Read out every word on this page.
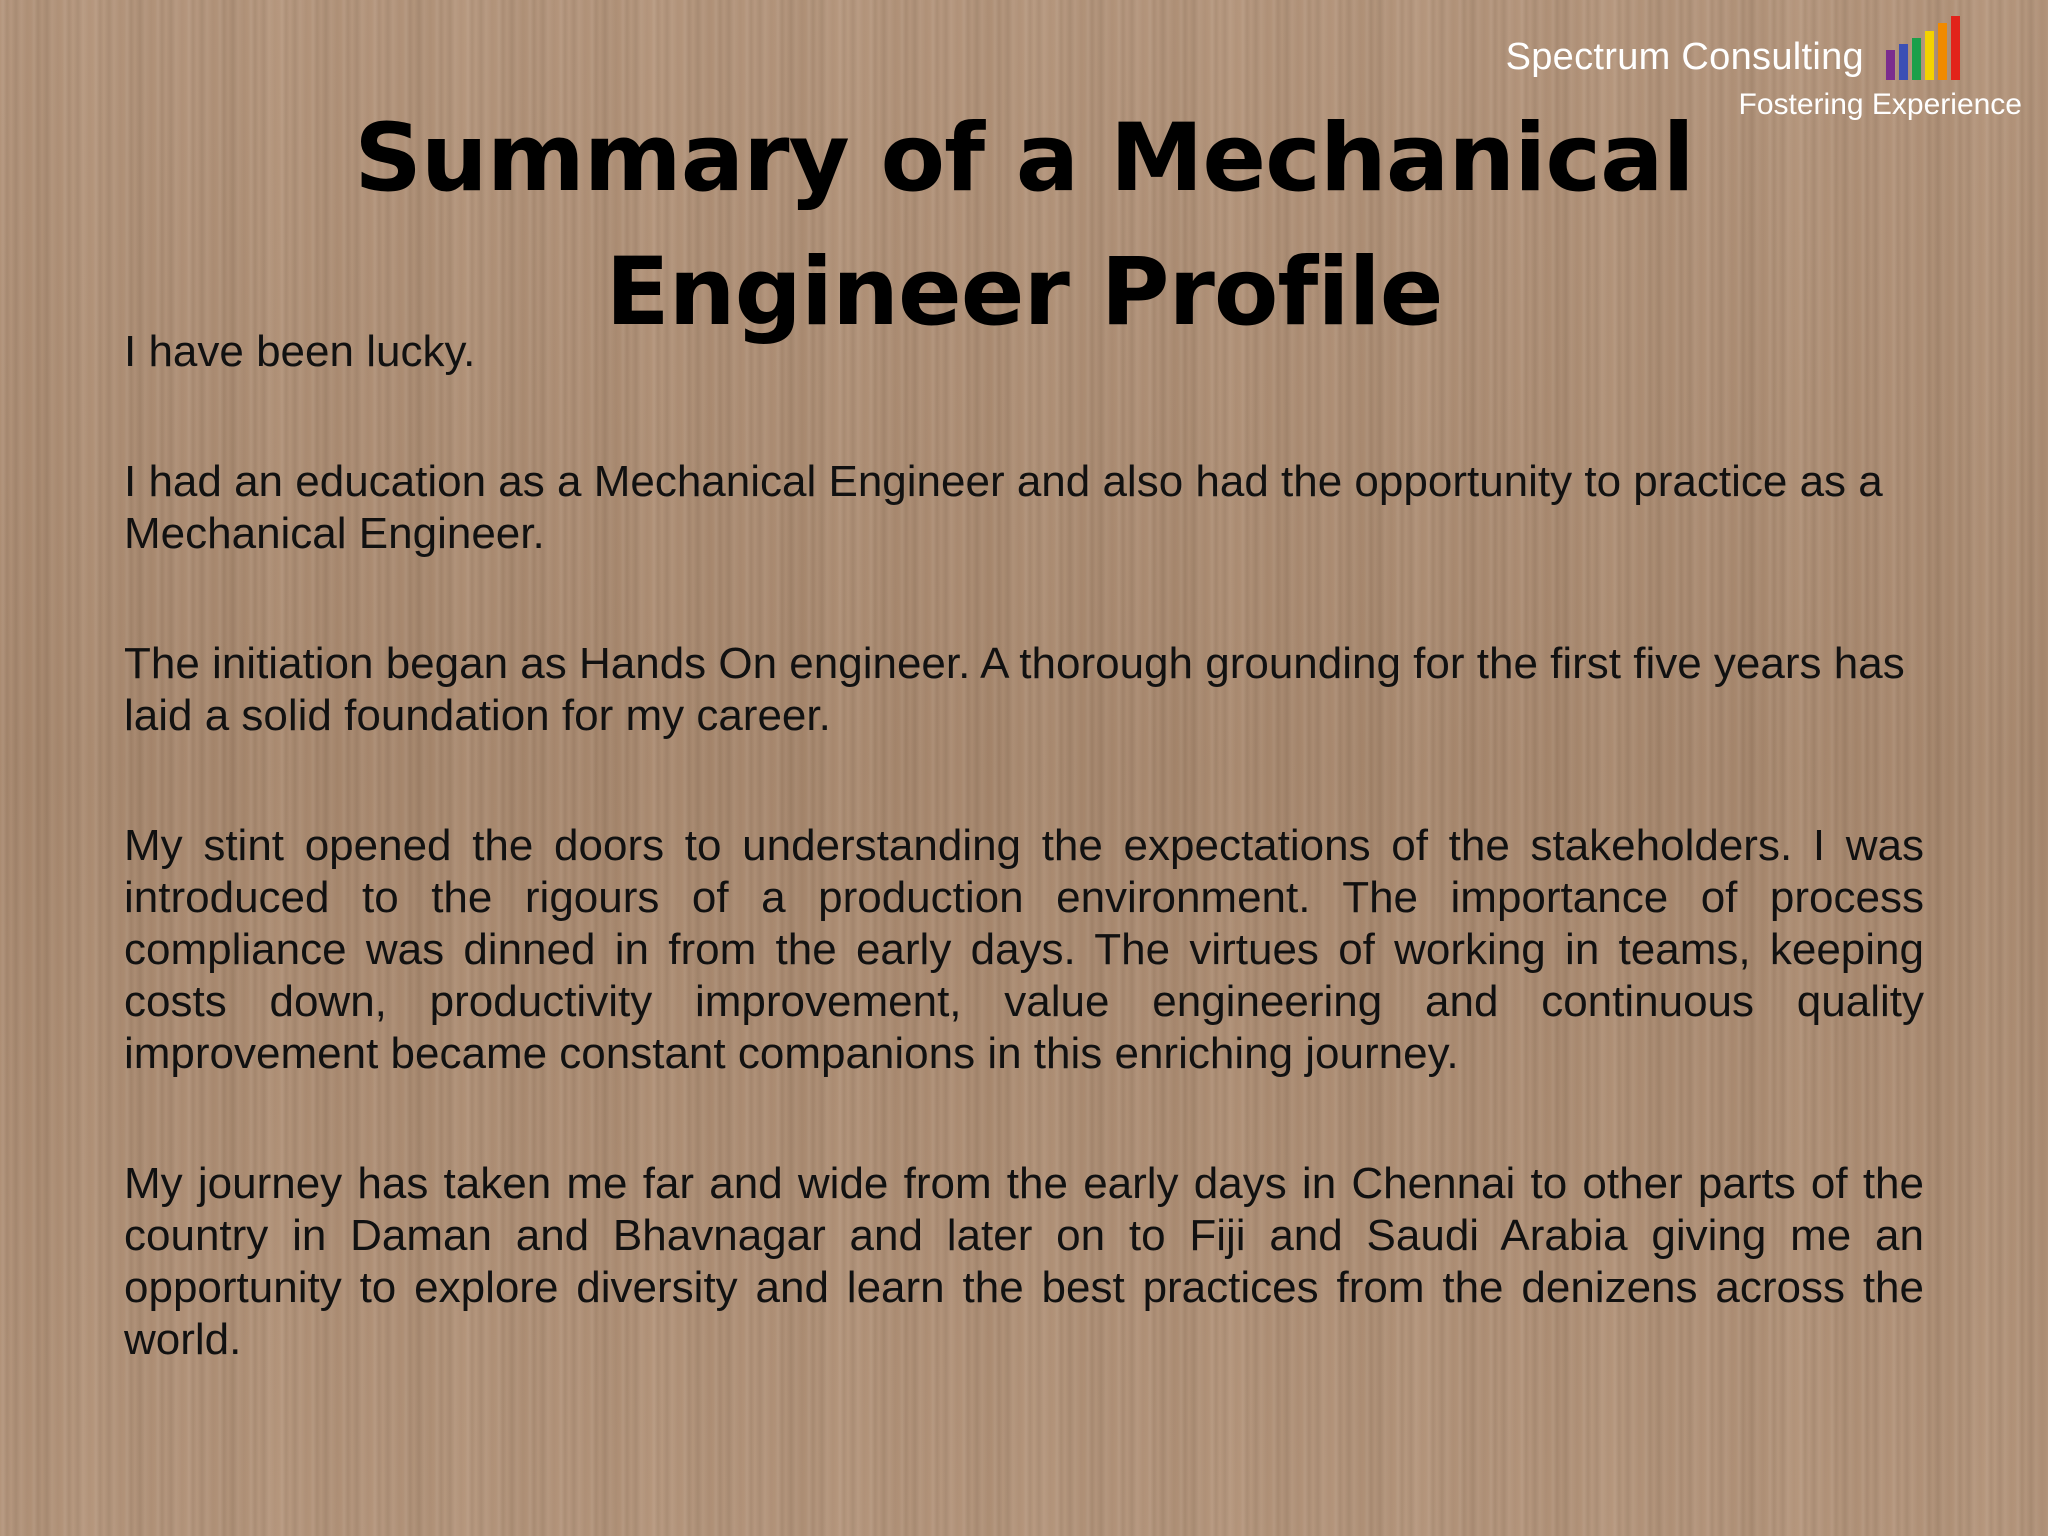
Spectrum Consulting
Fostering Experience
Summary of a Mechanical Engineer Profile

I have been lucky.

I had an education as a Mechanical Engineer and also had the opportunity to practice as a Mechanical Engineer.

The initiation began as Hands On engineer. A thorough grounding for the first five years has laid a solid foundation for my career.

My stint opened the doors to understanding the expectations of the stakeholders. I was introduced to the rigours of a production environment. The importance of process compliance was dinned in from the early days. The virtues of working in teams, keeping costs down, productivity improvement, value engineering and continuous quality improvement became constant companions in this enriching journey.

My journey has taken me far and wide from the early days in Chennai to other parts of the country in Daman and Bhavnagar and later on to Fiji and Saudi Arabia giving me an opportunity to explore diversity and learn the best practices from the denizens across the world.
